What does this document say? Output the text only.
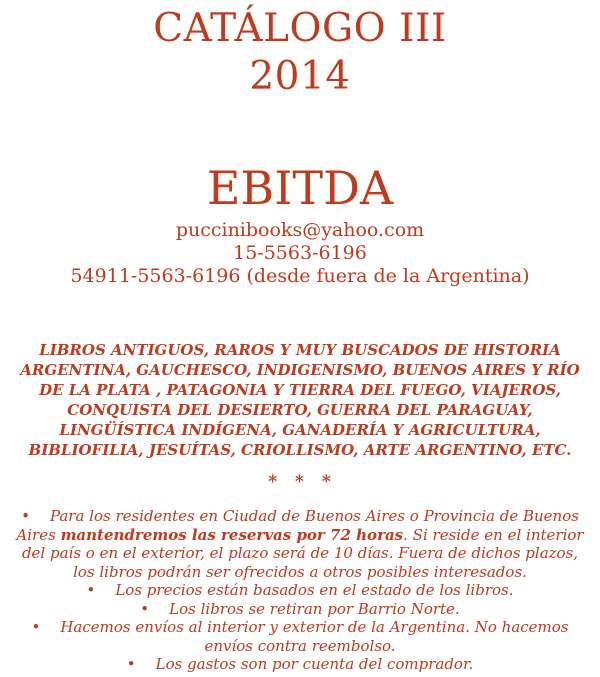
CATÁLOGO III
2014
EBITDA
puccinibooks@yahoo.com
15-5563-6196
54911-5563-6196 (desde fuera de la Argentina)

LIBROS ANTIGUOS, RAROS Y MUY BUSCADOS DE HISTORIA ARGENTINA, GAUCHESCO, INDIGENISMO, BUENOS AIRES Y RÍO DE LA PLATA , PATAGONIA Y TIERRA DEL FUEGO, VIAJEROS, CONQUISTA DEL DESIERTO, GUERRA DEL PARAGUAY, LINGÜÍSTICA INDÍGENA, GANADERÍA Y AGRICULTURA, BIBLIOFILIA, JESUÍTAS, CRIOLLISMO, ARTE ARGENTINO, ETC.

* * *
• Para los residentes en Ciudad de Buenos Aires o Provincia de Buenos Aires mantendremos las reservas por 72 horas. Si reside en el interior del país o en el exterior, el plazo será de 10 días. Fuera de dichos plazos, los libros podrán ser ofrecidos a otros posibles interesados.
• Los precios están basados en el estado de los libros.
• Los libros se retiran por Barrio Norte.
• Hacemos envíos al interior y exterior de la Argentina. No hacemos envíos contra reembolso.
• Los gastos son por cuenta del comprador.
